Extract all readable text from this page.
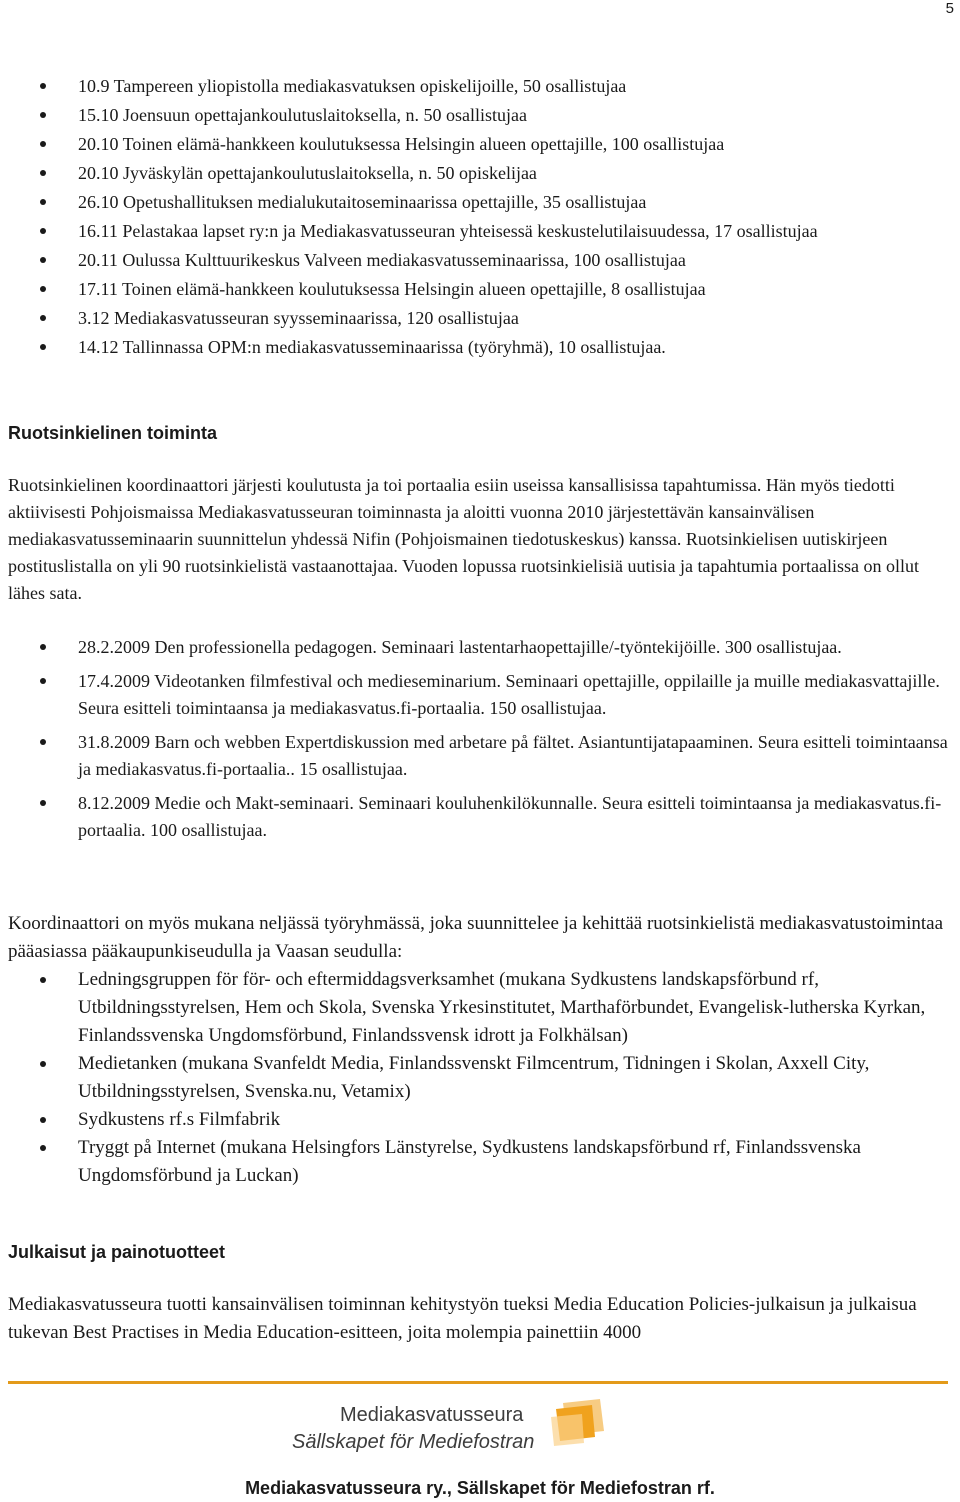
5
10.9 Tampereen yliopistolla mediakasvatuksen opiskelijoille, 50 osallistujaa
15.10 Joensuun opettajankoulutuslaitoksella, n. 50 osallistujaa
20.10 Toinen elämä-hankkeen koulutuksessa Helsingin alueen opettajille, 100 osallistujaa
20.10 Jyväskylän opettajankoulutuslaitoksella, n. 50 opiskelijaa
26.10 Opetushallituksen medialukutaitoseminaarissa opettajille, 35 osallistujaa
16.11 Pelastakaa lapset ry:n ja Mediakasvatusseuran yhteisessä keskustelutilaisuudessa, 17 osallistujaa
20.11 Oulussa Kulttuurikeskus Valveen mediakasvatusseminaarissa, 100 osallistujaa
17.11 Toinen elämä-hankkeen koulutuksessa Helsingin alueen opettajille, 8 osallistujaa
3.12 Mediakasvatusseuran syysseminaarissa, 120 osallistujaa
14.12 Tallinnassa OPM:n mediakasvatusseminaarissa (työryhmä), 10 osallistujaa.
Ruotsinkielinen toiminta

Ruotsinkielinen koordinaattori järjesti koulutusta ja toi portaalia esiin useissa kansallisissa tapahtumissa. Hän myös tiedotti aktiivisesti Pohjoismaissa Mediakasvatusseuran toiminnasta ja aloitti vuonna 2010 järjestettävän kansainvälisen mediakasvatusseminaarin suunnittelun yhdessä Nifin (Pohjoismainen tiedotuskeskus) kanssa. Ruotsinkielisen uutiskirjeen postituslistalla on yli 90 ruotsinkielistä vastaanottajaa. Vuoden lopussa ruotsinkielisiä uutisia ja tapahtumia portaalissa on ollut lähes sata.

28.2.2009 Den professionella pedagogen. Seminaari lastentarhaopettajille/-työntekijöille. 300 osallistujaa.
17.4.2009 Videotanken filmfestival och medieseminarium. Seminaari opettajille, oppilaille ja muille mediakasvattajille. Seura esitteli toimintaansa ja mediakasvatus.fi-portaalia. 150 osallistujaa.
31.8.2009 Barn och webben Expertdiskussion med arbetare på fältet. Asiantuntijatapaaminen. Seura esitteli toimintaansa ja mediakasvatus.fi-portaalia.. 15 osallistujaa.
8.12.2009 Medie och Makt-seminaari. Seminaari kouluhenkilökunnalle. Seura esitteli toimintaansa ja mediakasvatus.fi-portaalia. 100 osallistujaa.

Koordinaattori on myös mukana neljässä työryhmässä, joka suunnittelee ja kehittää ruotsinkielistä mediakasvatustoimintaa pääasiassa pääkaupunkiseudulla ja Vaasan seudulla:

Ledningsgruppen för för- och eftermiddagsverksamhet (mukana Sydkustens landskapsförbund rf, Utbildningsstyrelsen, Hem och Skola, Svenska Yrkesinstitutet, Marthaförbundet, Evangelisk-lutherska Kyrkan, Finlandssvenska Ungdomsförbund, Finlandssvensk idrott ja Folkhälsan)
Medietanken (mukana Svanfeldt Media, Finlandssvenskt Filmcentrum, Tidningen i Skolan, Axxell City, Utbildningsstyrelsen, Svenska.nu, Vetamix)
Sydkustens rf.s Filmfabrik
Tryggt på Internet (mukana Helsingfors Länstyrelse, Sydkustens landskapsförbund rf, Finlandssvenska Ungdomsförbund ja Luckan)
Julkaisut ja painotuotteet

Mediakasvatusseura tuotti kansainvälisen toiminnan kehitystyön tueksi Media Education Policies-julkaisun ja julkaisua tukevan Best Practises in Media Education-esitteen, joita molempia painettiin 4000

Mediakasvatusseura
Sällskapet för Mediefostran
Mediakasvatusseura ry., Sällskapet för Mediefostran rf.
